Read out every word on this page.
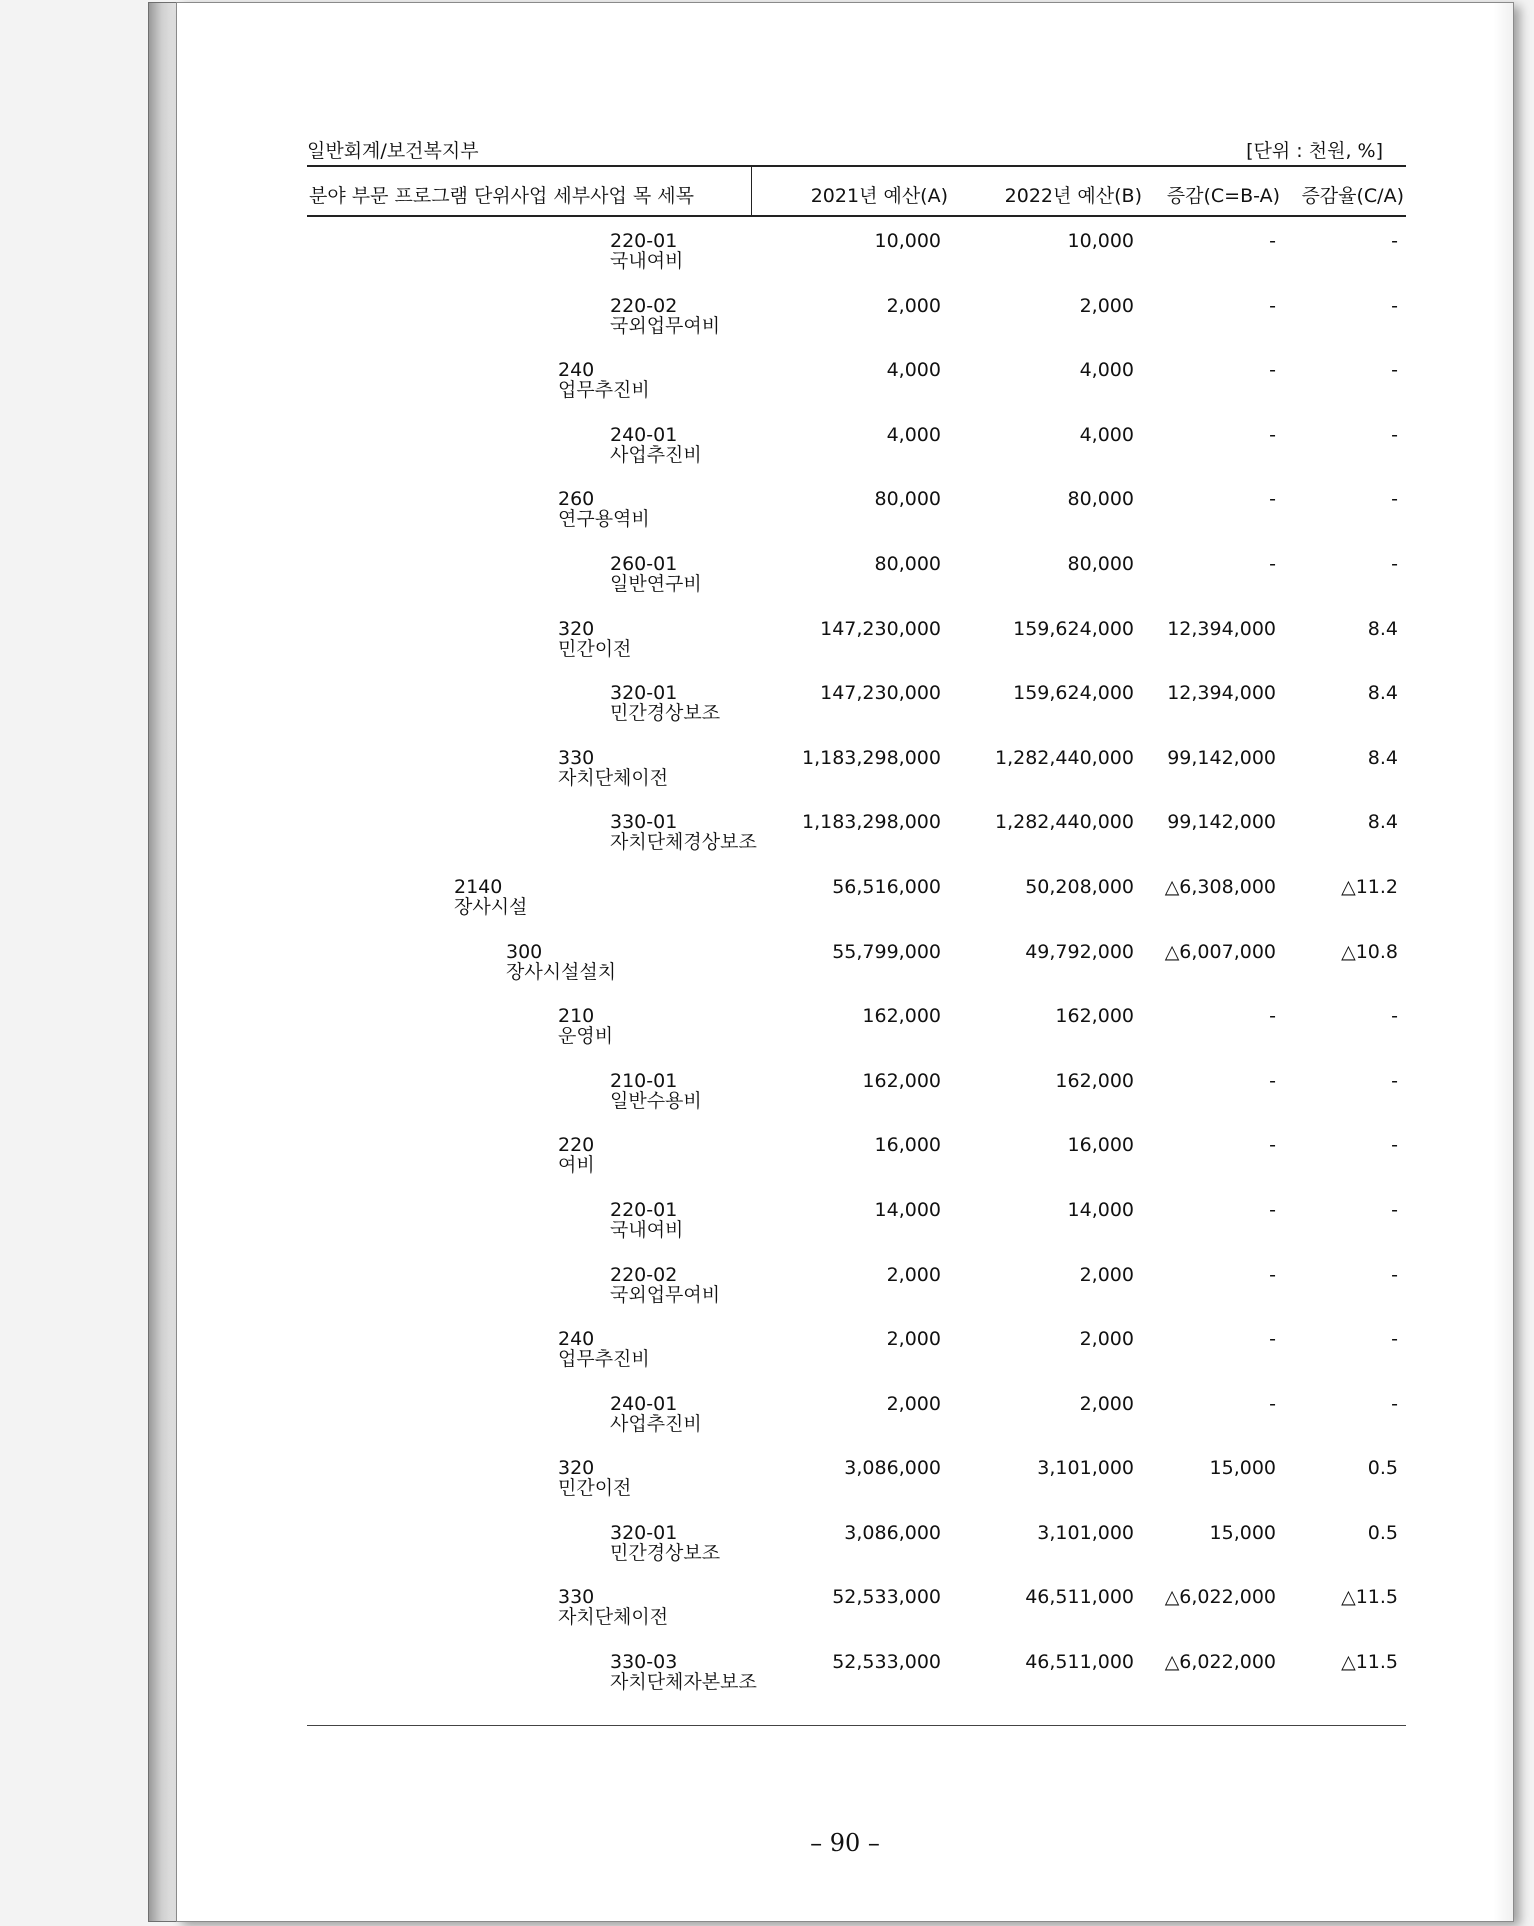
일반회계/보건복지부	[단위 : 천원, %]
분야 부문 프로그램 단위사업 세부사업 목 세목	2021년 예산(A)	2022년 예산(B) 증감(C=B-A) 증감율(C/A)
220-01
국내여비
10,000	10,000	-	-
220-02
국외업무여비
2,000	2,000	-	-
240
업무추진비
4,000	4,000	-	-
240-01
사업추진비
4,000	4,000	-	-
260
연구용역비
80,000	80,000	-	-
260-01
일반연구비
80,000	80,000	-	-
320
민간이전
147,230,000	159,624,000 12,394,000	8.4
320-01
민간경상보조
147,230,000	159,624,000 12,394,000	8.4
330
자치단체이전
1,183,298,000	1,282,440,000 99,142,000	8.4
330-01
자치단체경상보조
1,183,298,000	1,282,440,000 99,142,000	8.4
2140
장사시설
56,516,000	50,208,000 △6,308,000	△11.2
300
장사시설설치
55,799,000	49,792,000 △6,007,000	△10.8
210
운영비
162,000	162,000	-	-
210-01
일반수용비
162,000	162,000	-	-
220
여비
16,000	16,000	-	-
220-01
국내여비
14,000	14,000	-	-
220-02
국외업무여비
2,000	2,000	-	-
240
업무추진비
2,000	2,000	-	-
240-01
사업추진비
2,000	2,000	-	-
320
민간이전
3,086,000	3,101,000	15,000	0.5
320-01
민간경상보조
3,086,000	3,101,000	15,000	0.5
330
자치단체이전
52,533,000	46,511,000 △6,022,000	△11.5
330-03
자치단체자본보조
52,533,000	46,511,000 △6,022,000	△11.5
– 90 –
